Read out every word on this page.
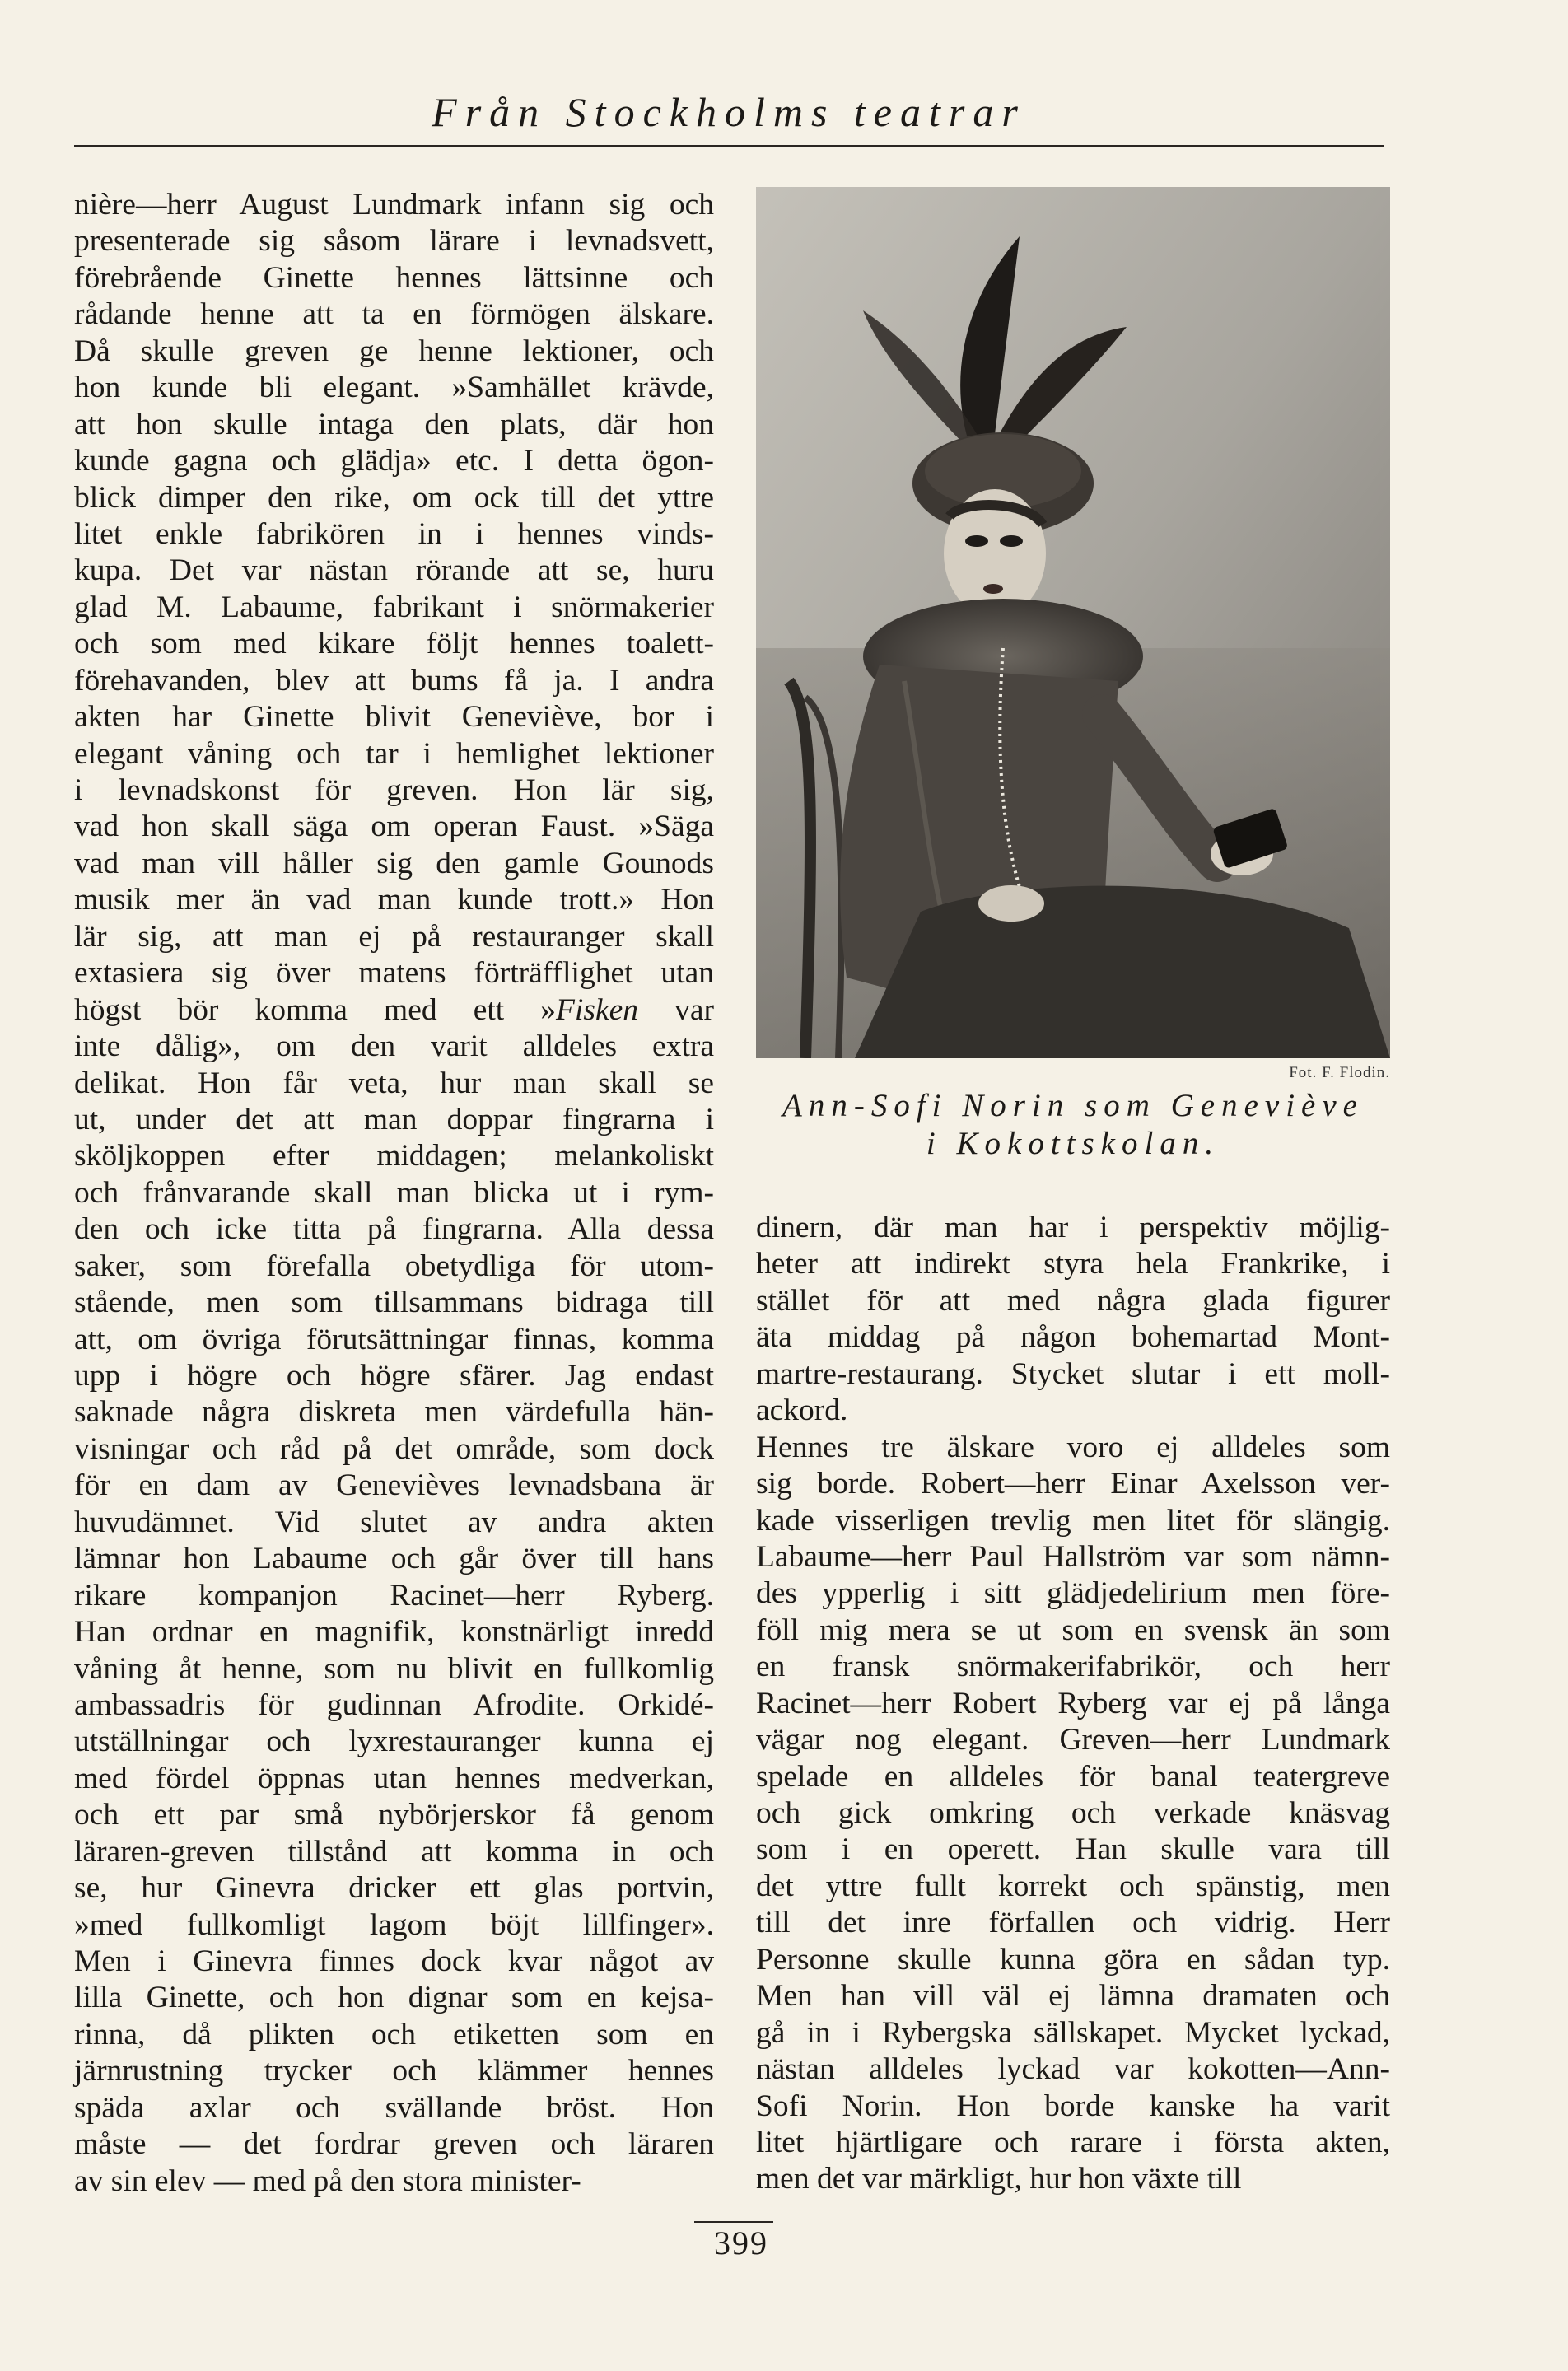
Från Stockholms teatrar
nière—herr August Lundmark infann sig och
presenterade sig såsom lärare i levnadsvett,
förebrående Ginette hennes lättsinne och
rådande henne att ta en förmögen älskare.
Då skulle greven ge henne lektioner, och
hon kunde bli elegant. »Samhället krävde,
att hon skulle intaga den plats, där hon
kunde gagna och glädja» etc. I detta ögon-
blick dimper den rike, om ock till det yttre
litet enkle fabrikören in i hennes vinds-
kupa. Det var nästan rörande att se, huru
glad M. Labaume, fabrikant i snörmakerier
och som med kikare följt hennes toalett-
förehavanden, blev att bums få ja. I andra
akten har Ginette blivit Geneviève, bor i
elegant våning och tar i hemlighet lektioner
i levnadskonst för greven. Hon lär sig,
vad hon skall säga om operan Faust. »Säga
vad man vill håller sig den gamle Gounods
musik mer än vad man kunde trott.» Hon
lär sig, att man ej på restauranger skall
extasiera sig över matens förträfflighet utan
högst bör komma med ett »Fisken var
inte dålig», om den varit alldeles extra
delikat. Hon får veta, hur man skall se
ut, under det att man doppar fingrarna i
sköljkoppen efter middagen; melankoliskt
och frånvarande skall man blicka ut i rym-
den och icke titta på fingrarna. Alla dessa
saker, som förefalla obetydliga för utom-
stående, men som tillsammans bidraga till
att, om övriga förutsättningar finnas, komma
upp i högre och högre sfärer. Jag endast
saknade några diskreta men värdefulla hän-
visningar och råd på det område, som dock
för en dam av Genevièves levnadsbana är
huvudämnet. Vid slutet av andra akten
lämnar hon Labaume och går över till hans
rikare kompanjon Racinet—herr Ryberg.
Han ordnar en magnifik, konstnärligt inredd
våning åt henne, som nu blivit en fullkomlig
ambassadris för gudinnan Afrodite. Orkidé-
utställningar och lyxrestauranger kunna ej
med fördel öppnas utan hennes medverkan,
och ett par små nybörjerskor få genom
läraren-greven tillstånd att komma in och
se, hur Ginevra dricker ett glas portvin,
»med fullkomligt lagom böjt lillfinger».
Men i Ginevra finnes dock kvar något av
lilla Ginette, och hon dignar som en kejsa-
rinna, då plikten och etiketten som en
järnrustning trycker och klämmer hennes
späda axlar och svällande bröst. Hon
måste — det fordrar greven och läraren
av sin elev — med på den stora minister-
Fot. F. Flodin.
Ann-Sofi Norin som Geneviève
i Kokottskolan.
dinern, där man har i perspektiv möjlig-
heter att indirekt styra hela Frankrike, i
stället för att med några glada figurer
äta middag på någon bohemartad Mont-
martre-restaurang. Stycket slutar i ett moll-
ackord.
Hennes tre älskare voro ej alldeles som
sig borde. Robert—herr Einar Axelsson ver-
kade visserligen trevlig men litet för slängig.
Labaume—herr Paul Hallström var som nämn-
des ypperlig i sitt glädjedelirium men före-
föll mig mera se ut som en svensk än som
en fransk snörmakerifabrikör, och herr
Racinet—herr Robert Ryberg var ej på långa
vägar nog elegant. Greven—herr Lundmark
spelade en alldeles för banal teatergreve
och gick omkring och verkade knäsvag
som i en operett. Han skulle vara till
det yttre fullt korrekt och spänstig, men
till det inre förfallen och vidrig. Herr
Personne skulle kunna göra en sådan typ.
Men han vill väl ej lämna dramaten och
gå in i Rybergska sällskapet. Mycket lyckad,
nästan alldeles lyckad var kokotten—Ann-
Sofi Norin. Hon borde kanske ha varit
litet hjärtligare och rarare i första akten,
men det var märkligt, hur hon växte till
399
